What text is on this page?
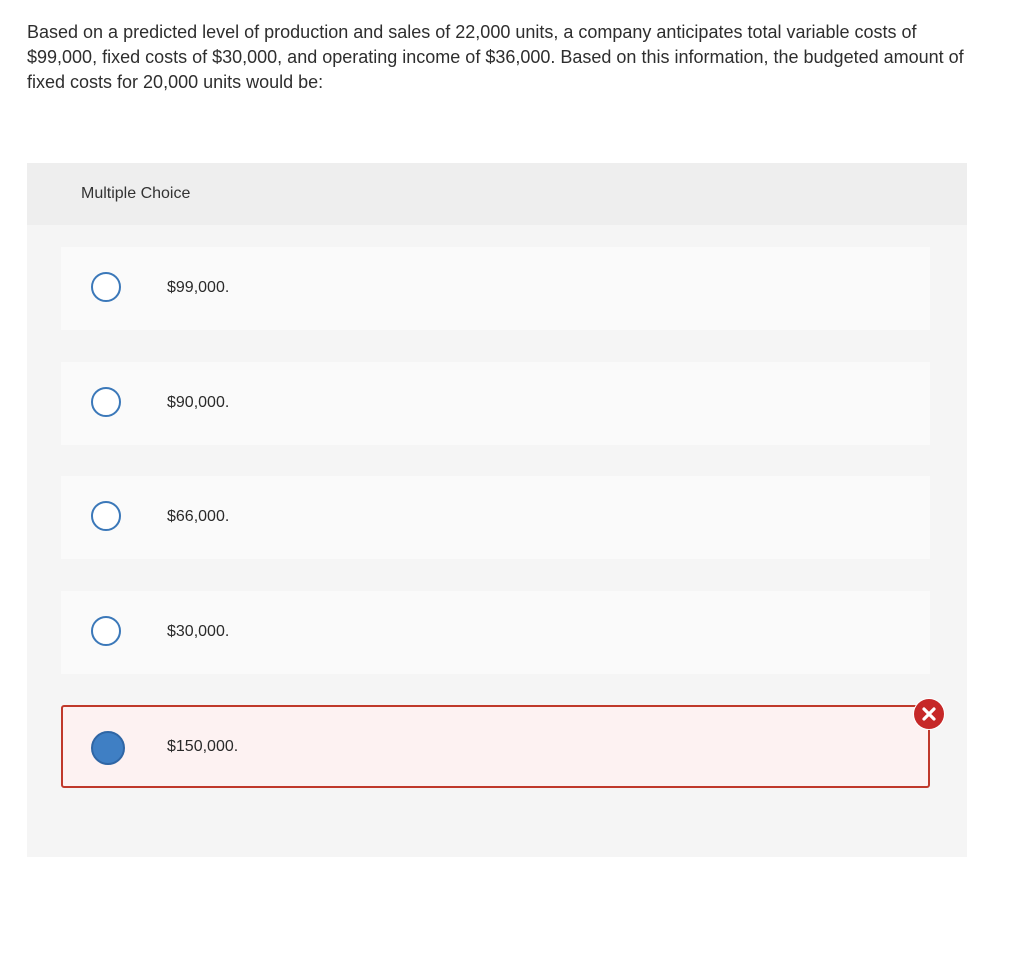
Based on a predicted level of production and sales of 22,000 units, a company anticipates total variable costs of $99,000, fixed costs of $30,000, and operating income of $36,000. Based on this information, the budgeted amount of fixed costs for 20,000 units would be:

Multiple Choice
$99,000.
$90,000.
$66,000.
$30,000.
$150,000.
